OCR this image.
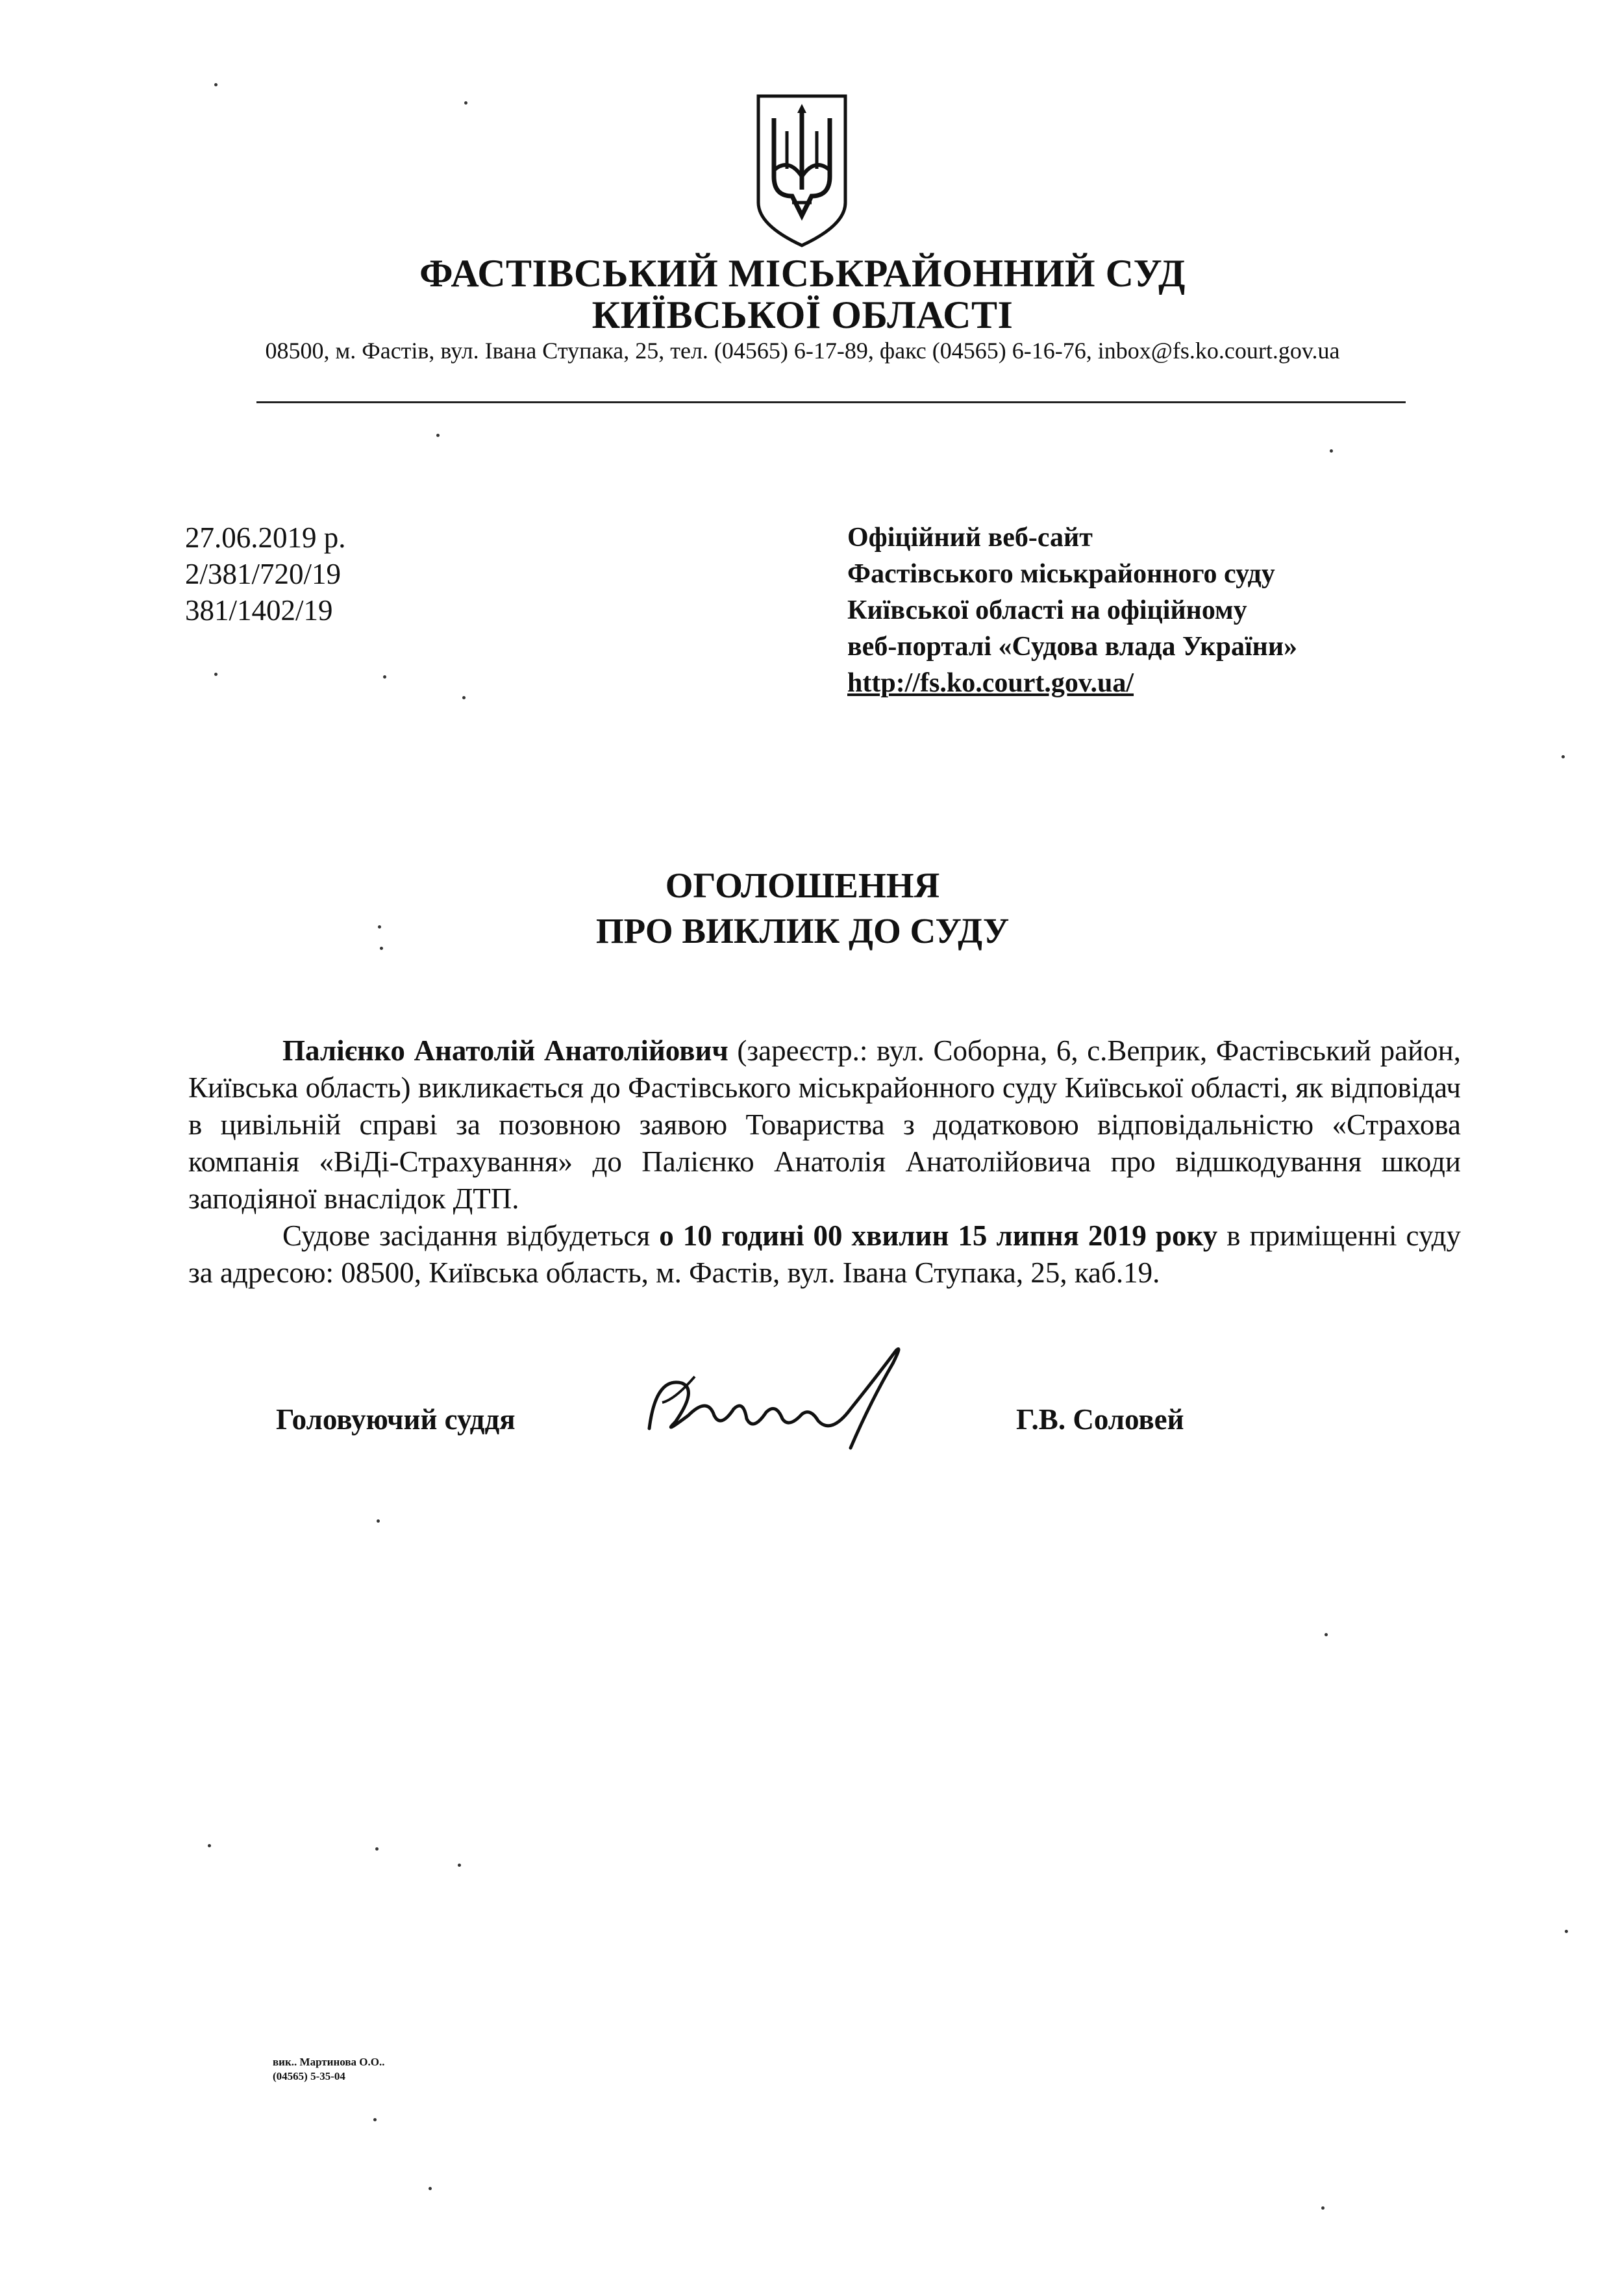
ФАСТІВСЬКИЙ МІСЬКРАЙОННИЙ СУД
КИЇВСЬКОЇ ОБЛАСТІ
08500, м. Фастів, вул. Івана Ступака, 25, тел. (04565) 6-17-89, факс (04565) 6-16-76, inbox@fs.ko.court.gov.ua
27.06.2019 р.
2/381/720/19
381/1402/19
Офіційний веб-сайт
Фастівського міськрайонного суду
Київської області на офіційному
веб-порталі «Судова влада України»
http://fs.ko.court.gov.ua/
ОГОЛОШЕННЯ
ПРО ВИКЛИК ДО СУДУ

Палієнко Анатолій Анатолійович (зареєстр.: вул. Соборна, 6, с.Веприк, Фастівський район, Київська область) викликається до Фастівського міськрайонного суду Київської області, як відповідач в цивільній справі за позовною заявою Товариства з додатковою відповідальністю «Страхова компанія «ВіДі-Страхування» до Палієнко Анатолія Анатолійовича про відшкодування шкоди заподіяної внаслідок ДТП.

Судове засідання відбудеться о 10 годині 00 хвилин 15 липня 2019 року в приміщенні суду за адресою: 08500, Київська область, м. Фастів, вул. Івана Ступака, 25, каб.19.

Головуючий суддя	Г.В. Соловей
вик.. Мартинова О.О..
(04565) 5-35-04
